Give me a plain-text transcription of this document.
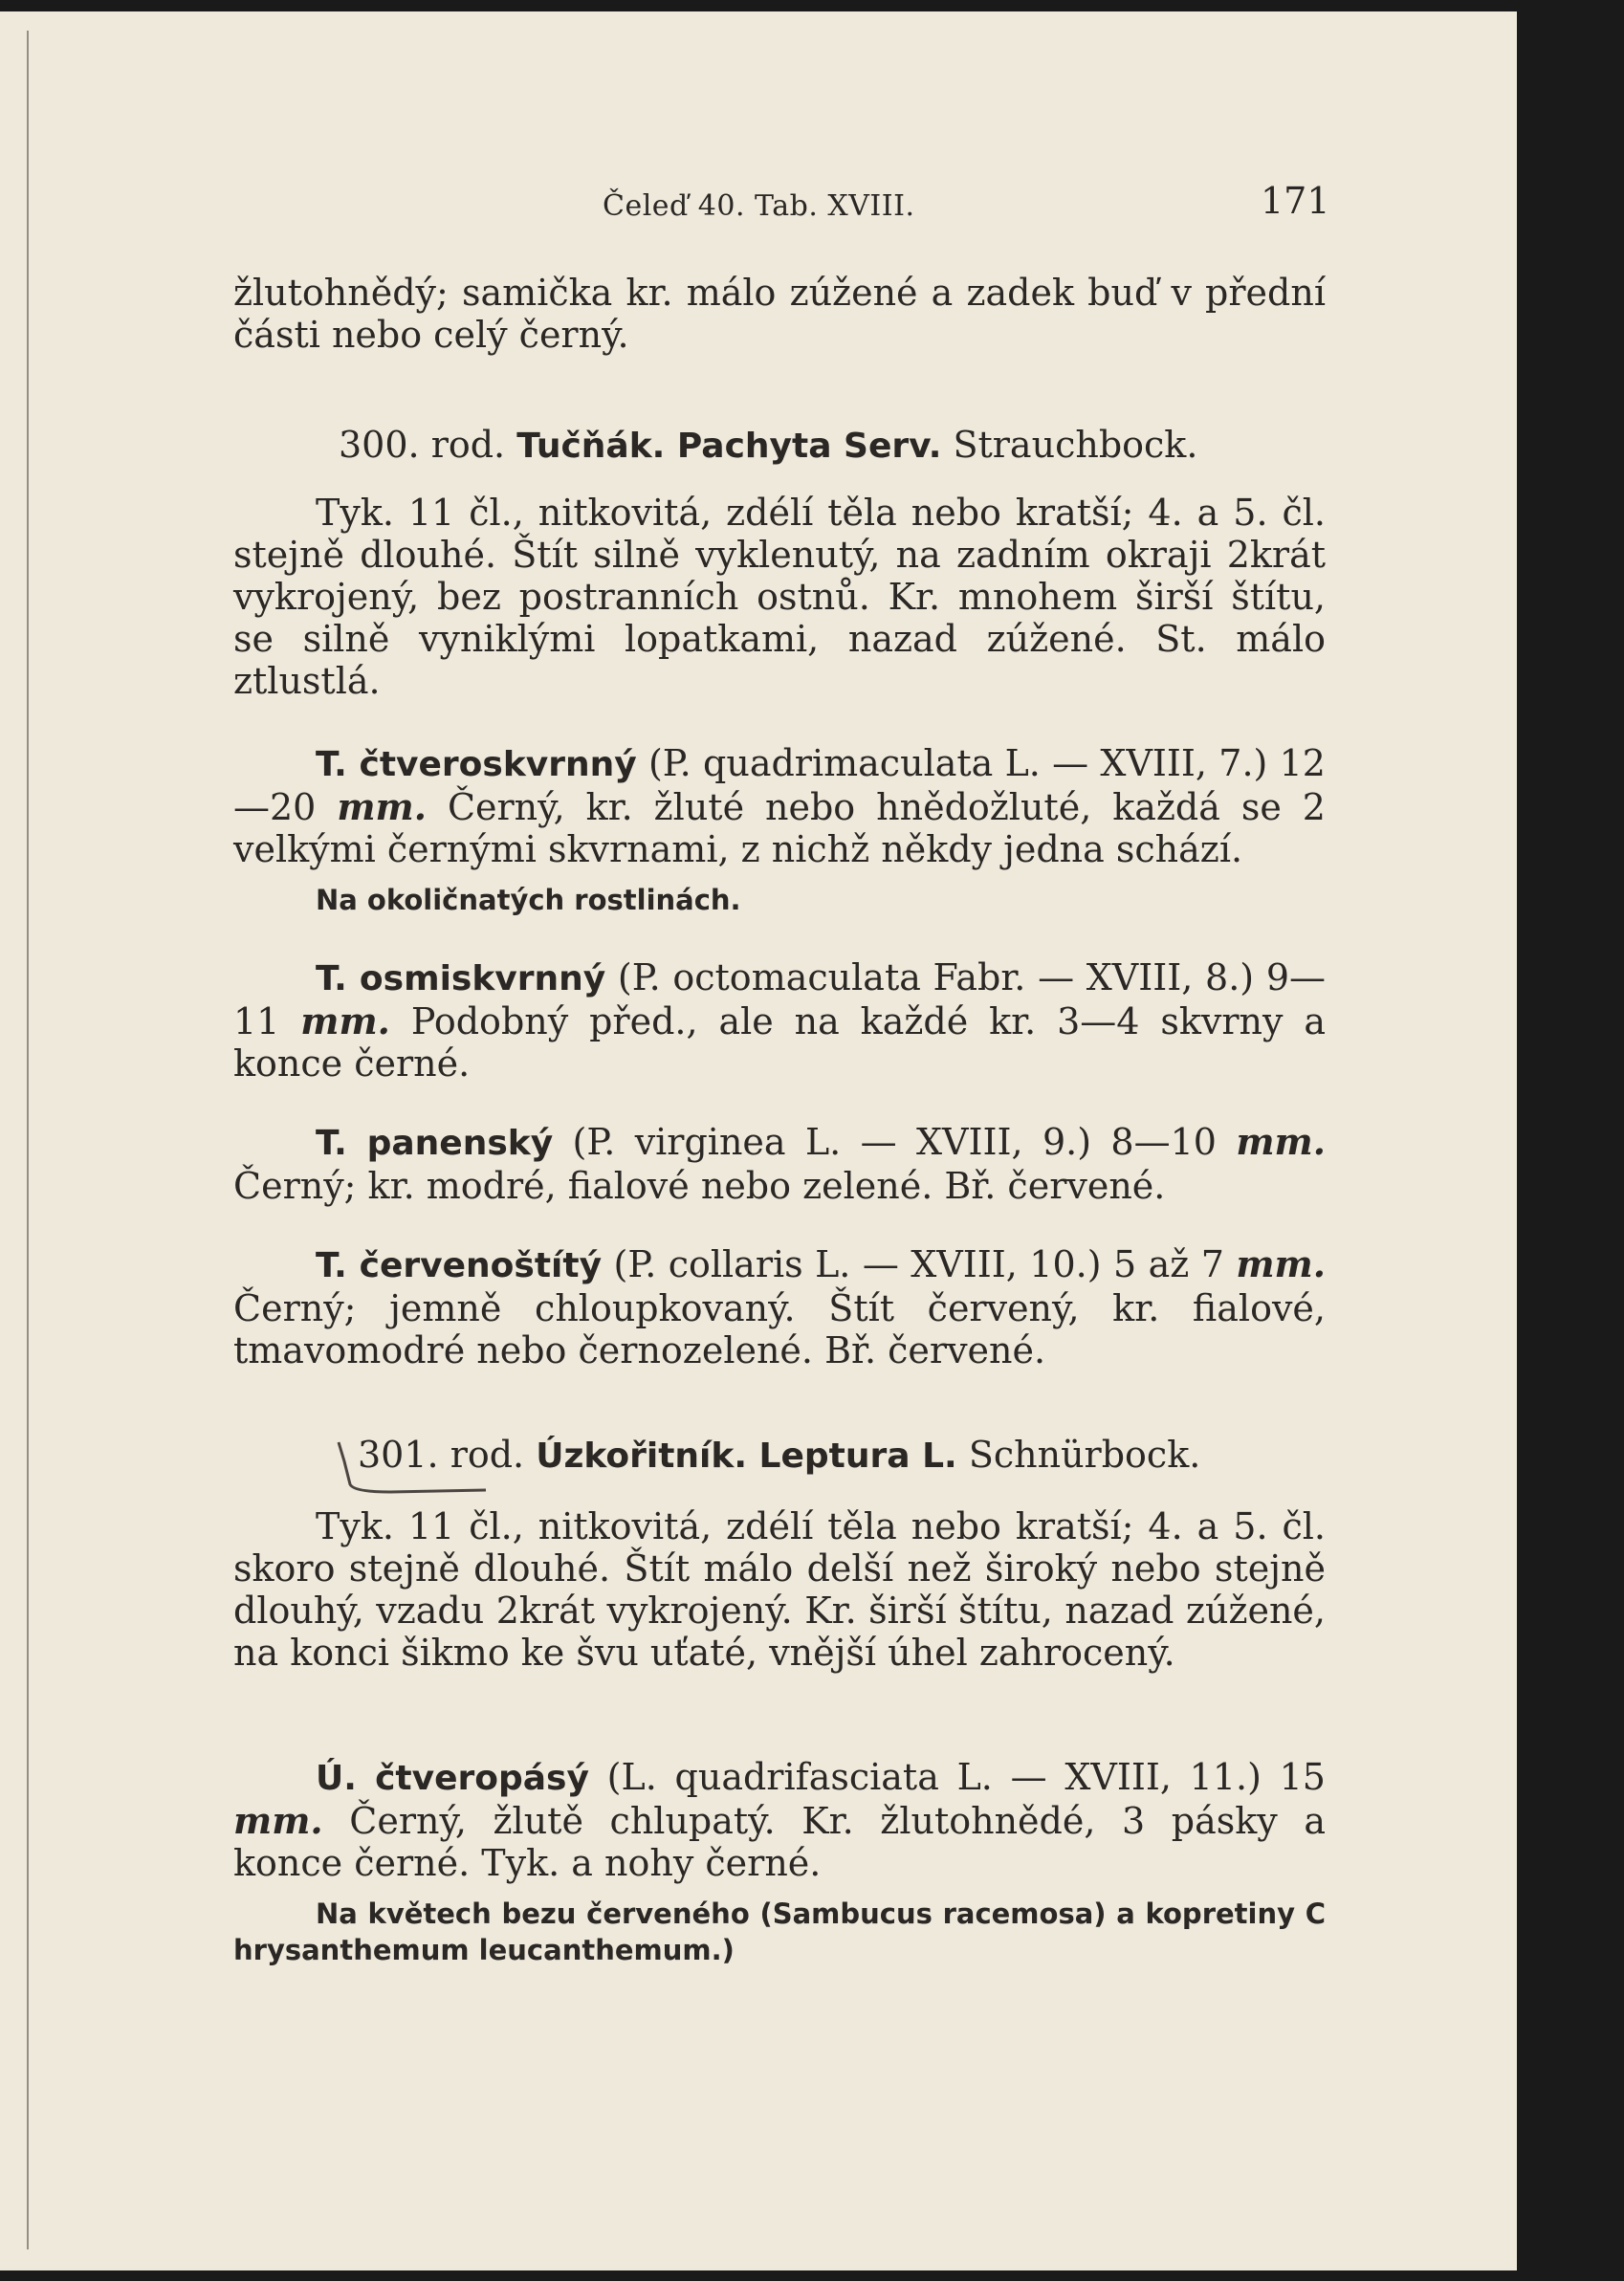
Čeleď 40. Tab. XVIII.	171

žlutohnědý; samička kr. málo zúžené a zadek buď v přední části nebo celý černý.

300. rod. Tučňák. Pachyta Serv. Strauchbock.

Tyk. 11 čl., nitkovitá, zdélí těla nebo kratší; 4. a 5. čl. stejně dlouhé. Štít silně vyklenutý, na zadním okraji 2krát vykrojený, bez postranních ostnů. Kr. mnohem širší štítu, se silně vyniklými lopatkami, nazad zúžené. St. málo ztlustlá.

T. čtveroskvrnný (P. quadrimaculata L. — XVIII, 7.) 12—20 mm. Černý, kr. žluté nebo hnědožluté, každá se 2 velkými černými skvrnami, z nichž někdy jedna schází.

Na okoličnatých rostlinách.

T. osmiskvrnný (P. octomaculata Fabr. — XVIII, 8.) 9—11 mm. Podobný před., ale na každé kr. 3—4 skvrny a konce černé.

T. panenský (P. virginea L. — XVIII, 9.) 8—10 mm. Černý; kr. modré, fialové nebo zelené. Bř. červené.

T. červenoštítý (P. collaris L. — XVIII, 10.) 5 až 7 mm. Černý; jemně chloupkovaný. Štít červený, kr. fialové, tmavomodré nebo černozelené. Bř. červené.

301. rod. Úzkořitník. Leptura L. Schnürbock.

Tyk. 11 čl., nitkovitá, zdélí těla nebo kratší; 4. a 5. čl. skoro stejně dlouhé. Štít málo delší než široký nebo stejně dlouhý, vzadu 2krát vykrojený. Kr. širší štítu, nazad zúžené, na konci šikmo ke švu uťaté, vnější úhel zahrocený.

Ú. čtveropásý (L. quadrifasciata L. — XVIII, 11.) 15 mm. Černý, žlutě chlupatý. Kr. žlutohnědé, 3 pásky a konce černé. Tyk. a nohy černé.

Na květech bezu červeného (Sambucus racemosa) a kopretiny C hrysanthemum leucanthemum.)
